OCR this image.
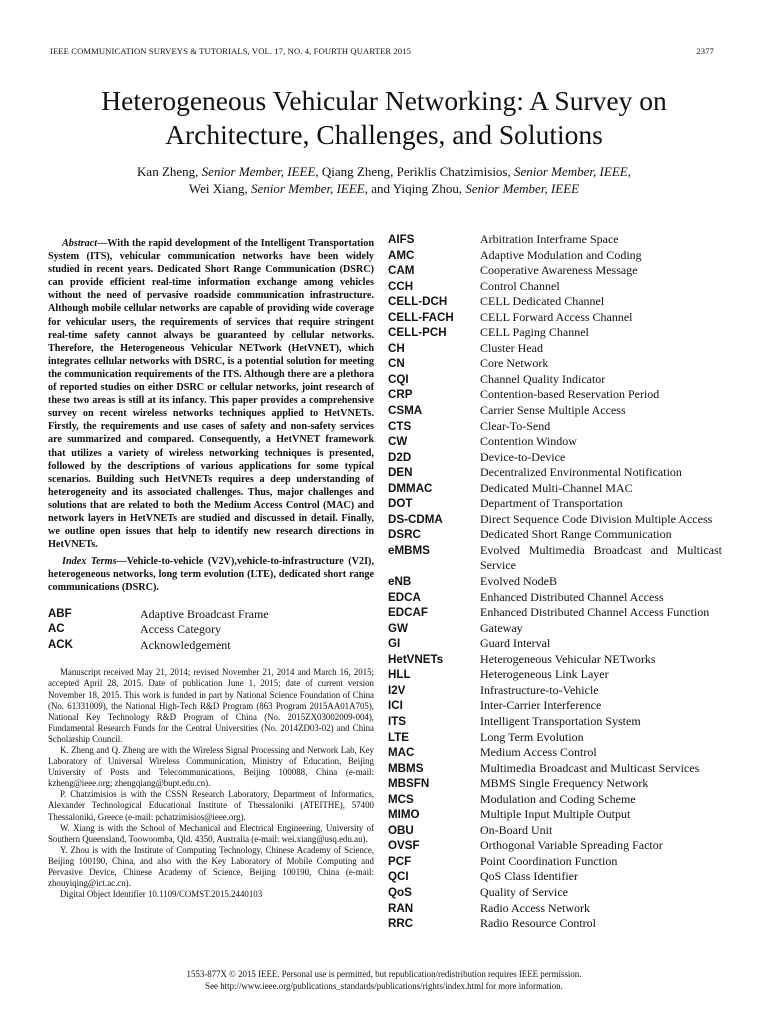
IEEE COMMUNICATION SURVEYS & TUTORIALS, VOL. 17, NO. 4, FOURTH QUARTER 2015	2377
Heterogeneous Vehicular Networking: A Survey on
Architecture, Challenges, and Solutions
Kan Zheng, Senior Member, IEEE, Qiang Zheng, Periklis Chatzimisios, Senior Member, IEEE,
Wei Xiang, Senior Member, IEEE, and Yiqing Zhou, Senior Member, IEEE

Abstract—With the rapid development of the Intelligent Transportation System (ITS), vehicular communication networks have been widely studied in recent years. Dedicated Short Range Communication (DSRC) can provide efficient real-time information exchange among vehicles without the need of pervasive roadside communication infrastructure. Although mobile cellular networks are capable of providing wide coverage for vehicular users, the requirements of services that require stringent real-time safety cannot always be guaranteed by cellular networks. Therefore, the Heterogeneous Vehicular NETwork (HetVNET), which integrates cellular networks with DSRC, is a potential solution for meeting the communication requirements of the ITS. Although there are a plethora of reported studies on either DSRC or cellular networks, joint research of these two areas is still at its infancy. This paper provides a comprehensive survey on recent wireless networks techniques applied to HetVNETs. Firstly, the requirements and use cases of safety and non-safety services are summarized and compared. Consequently, a HetVNET framework that utilizes a variety of wireless networking techniques is presented, followed by the descriptions of various applications for some typical scenarios. Building such HetVNETs requires a deep understanding of heterogeneity and its associated challenges. Thus, major challenges and solutions that are related to both the Medium Access Control (MAC) and network layers in HetVNETs are studied and discussed in detail. Finally, we outline open issues that help to identify new research directions in HetVNETs.

Index Terms—Vehicle-to-vehicle (V2V),vehicle-to-infrastructure (V2I), heterogeneous networks, long term evolution (LTE), dedicated short range communications (DSRC).

ABF	Adaptive Broadcast Frame
AC	Access Category
ACK	Acknowledgement

Manuscript received May 21, 2014; revised November 21, 2014 and March 16, 2015; accepted April 28, 2015. Date of publication June 1, 2015; date of current version November 18, 2015. This work is funded in part by National Science Foundation of China (No. 61331009), the National High-Tech R&D Program (863 Program 2015AA01A705), National Key Technology R&D Program of China (No. 2015ZX03002009-004), Fundamental Research Funds for the Central Universities (No. 2014ZD03-02) and China Scholarship Council.

K. Zheng and Q. Zheng are with the Wireless Signal Processing and Network Lab, Key Laboratory of Universal Wireless Communication, Ministry of Education, Beijing University of Posts and Telecommunications, Beijing 100088, China (e-mail: kzheng@ieee.org; zhengqiang@bupt.edu.cn).

P. Chatzimisios is with the CSSN Research Laboratory, Department of Informatics, Alexander Technological Educational Institute of Thessaloniki (ATEITHE), 57400 Thessaloniki, Greece (e-mail: pchatzimisios@ieee.org).

W. Xiang is with the School of Mechanical and Electrical Engineering, University of Southern Queensland, Toowoomba, Qld. 4350, Australia (e-mail: wei.xiang@usq.edu.au).

Y. Zhou is with the Institute of Computing Technology, Chinese Academy of Science, Beijing 100190, China, and also with the Key Laboratory of Mobile Computing and Pervasive Device, Chinese Academy of Science, Beijing 100190, China (e-mail: zhouyiqing@ict.ac.cn).

Digital Object Identifier 10.1109/COMST.2015.2440103

AIFS	Arbitration Interframe Space
AMC	Adaptive Modulation and Coding
CAM	Cooperative Awareness Message
CCH	Control Channel
CELL-DCH	CELL Dedicated Channel
CELL-FACH	CELL Forward Access Channel
CELL-PCH	CELL Paging Channel
CH	Cluster Head
CN	Core Network
CQI	Channel Quality Indicator
CRP	Contention-based Reservation Period
CSMA	Carrier Sense Multiple Access
CTS	Clear-To-Send
CW	Contention Window
D2D	Device-to-Device
DEN	Decentralized Environmental Notification
DMMAC	Dedicated Multi-Channel MAC
DOT	Department of Transportation
DS-CDMA	Direct Sequence Code Division Multiple Access
DSRC	Dedicated Short Range Communication
eMBMS	Evolved Multimedia Broadcast and Multicast Service
eNB	Evolved NodeB
EDCA	Enhanced Distributed Channel Access
EDCAF	Enhanced Distributed Channel Access Function
GW	Gateway
GI	Guard Interval
HetVNETs	Heterogeneous Vehicular NETworks
HLL	Heterogeneous Link Layer
I2V	Infrastructure-to-Vehicle
ICI	Inter-Carrier Interference
ITS	Intelligent Transportation System
LTE	Long Term Evolution
MAC	Medium Access Control
MBMS	Multimedia Broadcast and Multicast Services
MBSFN	MBMS Single Frequency Network
MCS	Modulation and Coding Scheme
MIMO	Multiple Input Multiple Output
OBU	On-Board Unit
OVSF	Orthogonal Variable Spreading Factor
PCF	Point Coordination Function
QCI	QoS Class Identifier
QoS	Quality of Service
RAN	Radio Access Network
RRC	Radio Resource Control
1553-877X © 2015 IEEE. Personal use is permitted, but republication/redistribution requires IEEE permission.
See http://www.ieee.org/publications_standards/publications/rights/index.html for more information.
